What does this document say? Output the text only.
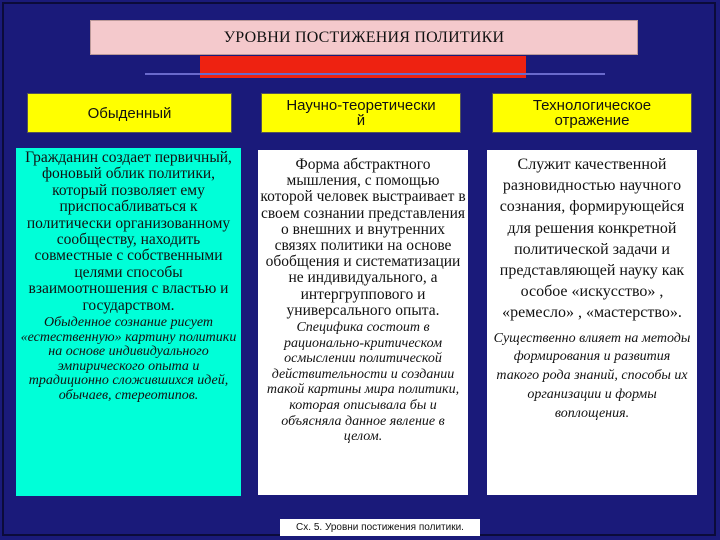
УРОВНИ ПОСТИЖЕНИЯ ПОЛИТИКИ
Обыденный	Научно-теоретический
Технологическое отражение
Гражданин создает первичный, фоновый облик политики, который позволяет ему приспосабливаться к политически организованному сообществу, находить совместные с собственными целями способы взаимоотношения с властью и государством.
Обыденное сознание рисует «естественную» картину политики на основе индивидуального эмпирического опыта и традиционно сложившихся идей, обычаев, стереотипов.
Форма абстрактного мышления, с помощью которой человек выстраивает в своем сознании представления о внешних и внутренних связях политики на основе обобщения и систематизации не индивидуального, а интергруппового и универсального опыта.
Специфика состоит в рационально-критическом осмыслении политической действительности и создании такой картины мира политики, которая описывала бы и объясняла данное явление в целом.
Служит качественной разновидностью научного сознания, формирующейся для решения конкретной политической задачи и представляющей науку как особое «искусство» , «ремесло» , «мастерство».
Существенно влияет на методы формирования и развития такого рода знаний, способы их организации и формы воплощения.
Сх. 5. Уровни постижения политики.
